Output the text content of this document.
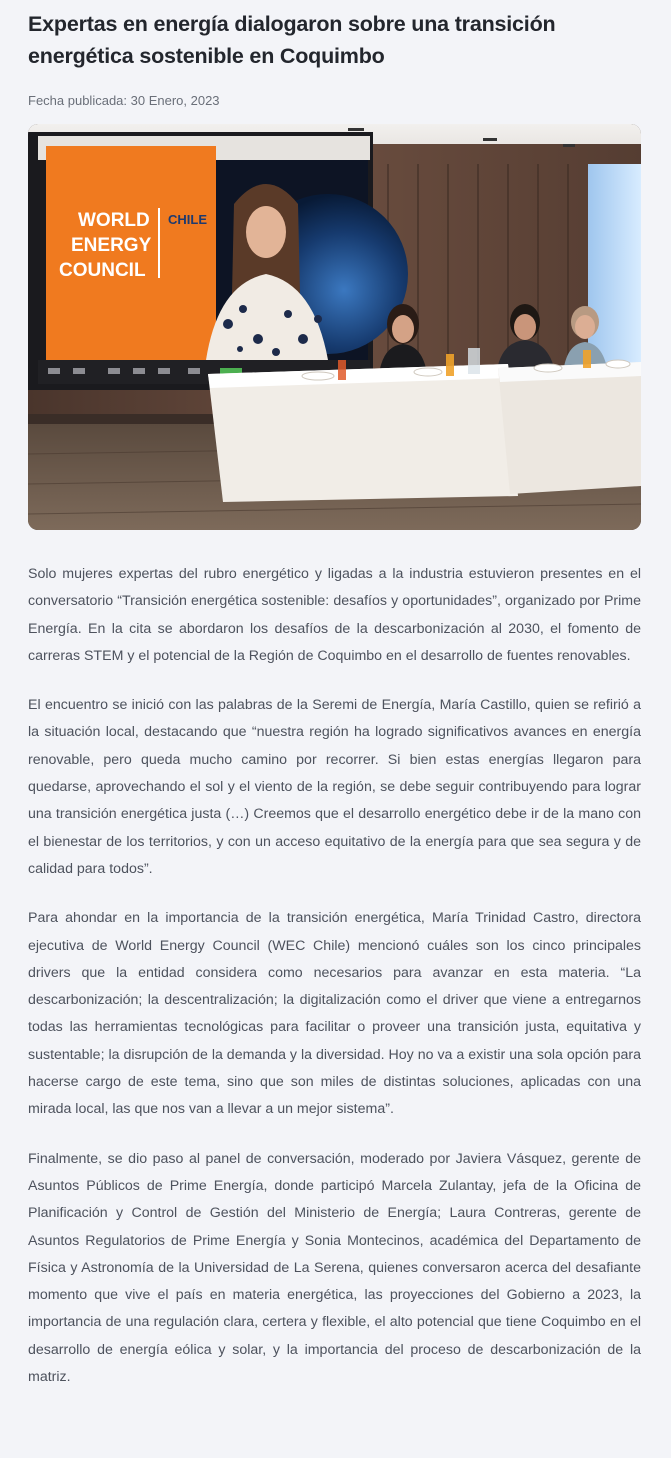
Expertas en energía dialogaron sobre una transición energética sostenible en Coquimbo
Fecha publicada: 30 Enero, 2023
WORLD
ENERGY
COUNCIL
CHILE

Solo mujeres expertas del rubro energético y ligadas a la industria estuvieron presentes en el conversatorio “Transición energética sostenible: desafíos y oportunidades”, organizado por Prime Energía. En la cita se abordaron los desafíos de la descarbonización al 2030, el fomento de carreras STEM y el potencial de la Región de Coquimbo en el desarrollo de fuentes renovables.

El encuentro se inició con las palabras de la Seremi de Energía, María Castillo, quien se refirió a la situación local, destacando que “nuestra región ha logrado significativos avances en energía renovable, pero queda mucho camino por recorrer. Si bien estas energías llegaron para quedarse, aprovechando el sol y el viento de la región, se debe seguir contribuyendo para lograr una transición energética justa (…) Creemos que el desarrollo energético debe ir de la mano con el bienestar de los territorios, y con un acceso equitativo de la energía para que sea segura y de calidad para todos”.

Para ahondar en la importancia de la transición energética, María Trinidad Castro, directora ejecutiva de World Energy Council (WEC Chile) mencionó cuáles son los cinco principales drivers que la entidad considera como necesarios para avanzar en esta materia. “La descarbonización; la descentralización; la digitalización como el driver que viene a entregarnos todas las herramientas tecnológicas para facilitar o proveer una transición justa, equitativa y sustentable; la disrupción de la demanda y la diversidad. Hoy no va a existir una sola opción para hacerse cargo de este tema, sino que son miles de distintas soluciones, aplicadas con una mirada local, las que nos van a llevar a un mejor sistema”.

Finalmente, se dio paso al panel de conversación, moderado por Javiera Vásquez, gerente de Asuntos Públicos de Prime Energía, donde participó Marcela Zulantay, jefa de la Oficina de Planificación y Control de Gestión del Ministerio de Energía; Laura Contreras, gerente de Asuntos Regulatorios de Prime Energía y Sonia Montecinos, académica del Departamento de Física y Astronomía de la Universidad de La Serena, quienes conversaron acerca del desafiante momento que vive el país en materia energética, las proyecciones del Gobierno a 2023, la importancia de una regulación clara, certera y flexible, el alto potencial que tiene Coquimbo en el desarrollo de energía eólica y solar, y la importancia del proceso de descarbonización de la matriz.
